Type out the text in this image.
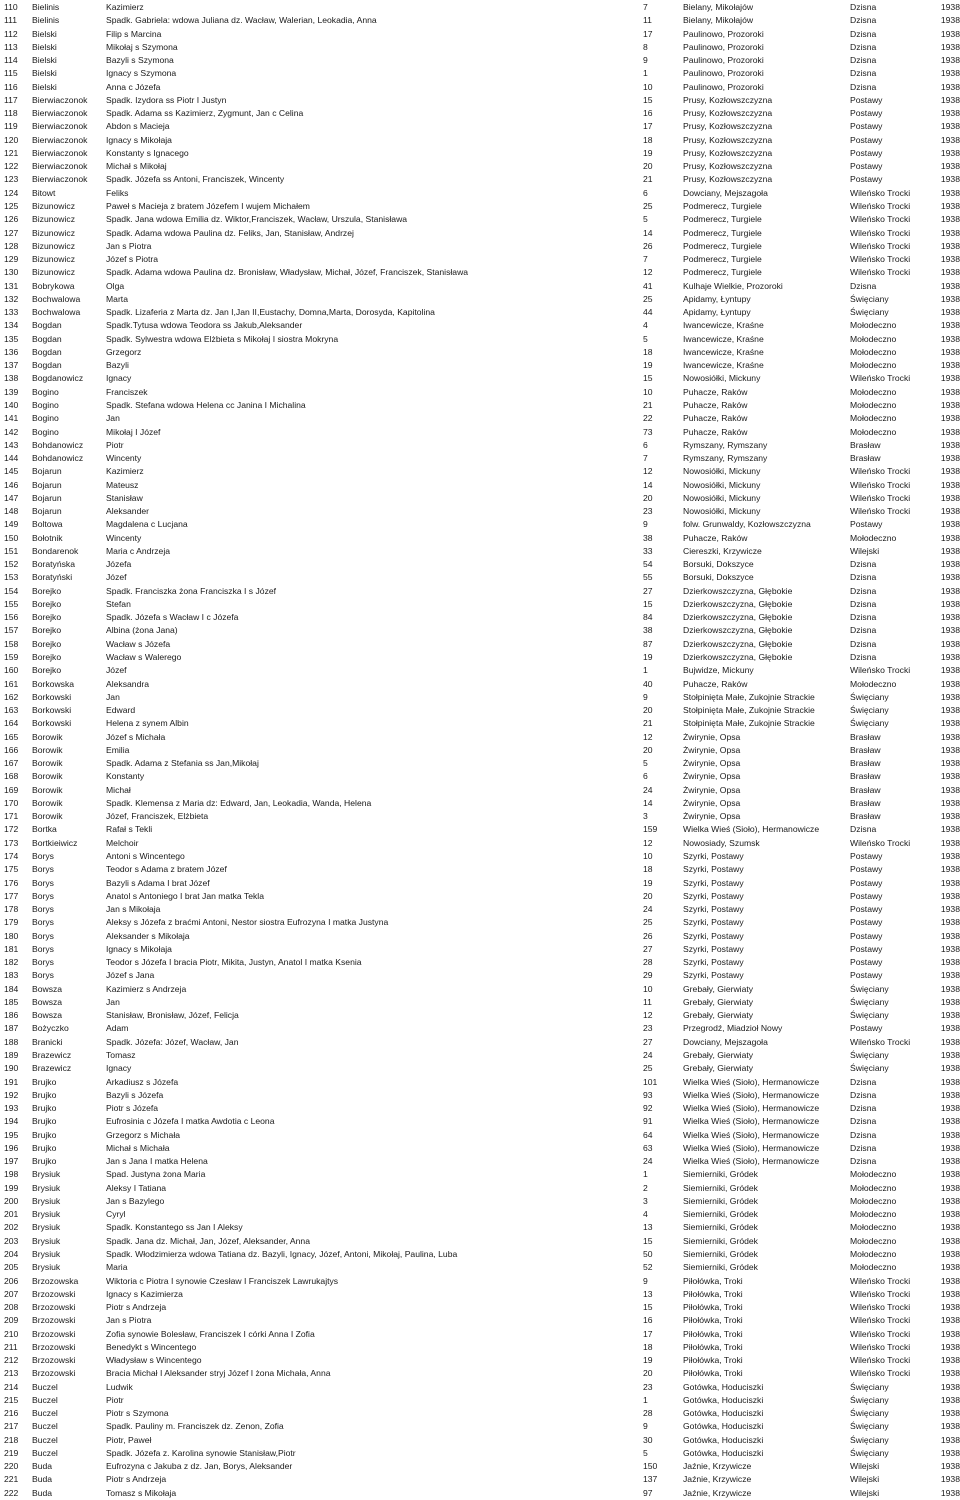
110	Bielinis	Kazimierz	7	Bielany, Mikołajów	Dzisna	1938
111	Bielinis	Spadk. Gabriela: wdowa Juliana dz. Wacław, Walerian, Leokadia, Anna	11	Bielany, Mikołajów	Dzisna	1938
112	Bielski	Filip s Marcina	17	Paulinowo, Prozoroki	Dzisna	1938
113	Bielski	Mikołaj s Szymona	8	Paulinowo, Prozoroki	Dzisna	1938
114	Bielski	Bazyli s Szymona	9	Paulinowo, Prozoroki	Dzisna	1938
115	Bielski	Ignacy s Szymona	1	Paulinowo, Prozoroki	Dzisna	1938
116	Bielski	Anna c Józefa	10	Paulinowo, Prozoroki	Dzisna	1938
117	Bierwiaczonok	Spadk. Izydora ss Piotr I Justyn	15	Prusy, Kozłowszczyzna	Postawy	1938
118	Bierwiaczonok	Spadk. Adama ss Kazimierz, Zygmunt, Jan c Celina	16	Prusy, Kozłowszczyzna	Postawy	1938
119	Bierwiaczonok	Abdon s Macieja	17	Prusy, Kozłowszczyzna	Postawy	1938
120	Bierwiaczonok	Ignacy s Mikołaja	18	Prusy, Kozłowszczyzna	Postawy	1938
121	Bierwiaczonok	Konstanty s Ignacego	19	Prusy, Kozłowszczyzna	Postawy	1938
122	Bierwiaczonok	Michał s Mikołaj	20	Prusy, Kozłowszczyzna	Postawy	1938
123	Bierwiaczonok	Spadk. Józefa ss Antoni, Franciszek, Wincenty	21	Prusy, Kozłowszczyzna	Postawy	1938
124	Bitowt	Feliks	6	Dowciany, Mejszagoła	Wileńsko Trocki	1938
125	Bizunowicz	Paweł s Macieja z bratem Józefem I wujem Michałem	25	Podmerecz, Turgiele	Wileńsko Trocki	1938
126	Bizunowicz	Spadk. Jana wdowa Emilia dz. Wiktor,Franciszek, Wacław, Urszula, Stanisława	5	Podmerecz, Turgiele	Wileńsko Trocki	1938
127	Bizunowicz	Spadk. Adama wdowa Paulina dz. Feliks, Jan, Stanisław, Andrzej	14	Podmerecz, Turgiele	Wileńsko Trocki	1938
128	Bizunowicz	Jan s Piotra	26	Podmerecz, Turgiele	Wileńsko Trocki	1938
129	Bizunowicz	Józef s Piotra	7	Podmerecz, Turgiele	Wileńsko Trocki	1938
130	Bizunowicz	Spadk. Adama wdowa Paulina dz. Bronisław, Władysław, Michał, Józef, Franciszek, Stanisława	12	Podmerecz, Turgiele	Wileńsko Trocki	1938
131	Bobrykowa	Olga	41	Kulhaje Wielkie, Prozoroki	Dzisna	1938
132	Bochwalowa	Marta	25	Apidamy, Łyntupy	Święciany	1938
133	Bochwalowa	Spadk. Lizaferia z Marta dz. Jan I,Jan II,Eustachy, Domna,Marta, Dorosyda, Kapitolina	44	Apidamy, Łyntupy	Święciany	1938
134	Bogdan	Spadk.Tytusa wdowa Teodora ss Jakub,Aleksander	4	Iwancewicze, Kraśne	Mołodeczno	1938
135	Bogdan	Spadk. Sylwestra wdowa Elżbieta s Mikołaj I siostra Mokryna	5	Iwancewicze, Kraśne	Mołodeczno	1938
136	Bogdan	Grzegorz	18	Iwancewicze, Kraśne	Mołodeczno	1938
137	Bogdan	Bazyli	19	Iwancewicze, Kraśne	Mołodeczno	1938
138	Bogdanowicz	Ignacy	15	Nowosiółki, Mickuny	Wileńsko Trocki	1938
139	Bogino	Franciszek	10	Puhacze, Raków	Mołodeczno	1938
140	Bogino	Spadk. Stefana wdowa Helena cc Janina I Michalina	21	Puhacze, Raków	Mołodeczno	1938
141	Bogino	Jan	22	Puhacze, Raków	Mołodeczno	1938
142	Bogino	Mikołaj I Józef	73	Puhacze, Raków	Mołodeczno	1938
143	Bohdanowicz	Piotr	6	Rymszany, Rymszany	Brasław	1938
144	Bohdanowicz	Wincenty	7	Rymszany, Rymszany	Brasław	1938
145	Bojarun	Kazimierz	12	Nowosiółki, Mickuny	Wileńsko Trocki	1938
146	Bojarun	Mateusz	14	Nowosiółki, Mickuny	Wileńsko Trocki	1938
147	Bojarun	Stanisław	20	Nowosiółki, Mickuny	Wileńsko Trocki	1938
148	Bojarun	Aleksander	23	Nowosiółki, Mickuny	Wileńsko Trocki	1938
149	Boltowa	Magdalena c Lucjana	9	folw. Grunwaldy, Kozłowszczyzna	Postawy	1938
150	Bołotnik	Wincenty	38	Puhacze, Raków	Mołodeczno	1938
151	Bondarenok	Maria c Andrzeja	33	Ciereszki, Krzywicze	Wilejski	1938
152	Boratyńska	Józefa	54	Borsuki, Dokszyce	Dzisna	1938
153	Boratyński	Józef	55	Borsuki, Dokszyce	Dzisna	1938
154	Borejko	Spadk. Franciszka żona Franciszka I s Józef	27	Dzierkowszczyzna, Głębokie	Dzisna	1938
155	Borejko	Stefan	15	Dzierkowszczyzna, Głębokie	Dzisna	1938
156	Borejko	Spadk. Józefa s Wacław I c Józefa	84	Dzierkowszczyzna, Głębokie	Dzisna	1938
157	Borejko	Albina (żona Jana)	38	Dzierkowszczyzna, Głębokie	Dzisna	1938
158	Borejko	Wacław s Józefa	87	Dzierkowszczyzna, Głębokie	Dzisna	1938
159	Borejko	Wacław s Walerego	19	Dzierkowszczyzna, Głębokie	Dzisna	1938
160	Borejko	Józef	1	Bujwidze, Mickuny	Wileńsko Trocki	1938
161	Borkowska	Aleksandra	40	Puhacze, Raków	Mołodeczno	1938
162	Borkowski	Jan	9	Stołpinięta Małe, Zukojnie Strackie	Święciany	1938
163	Borkowski	Edward	20	Stołpinięta Małe, Zukojnie Strackie	Święciany	1938
164	Borkowski	Helena z synem Albin	21	Stołpinięta Małe, Zukojnie Strackie	Święciany	1938
165	Borowik	Józef s Michała	12	Żwirynie, Opsa	Brasław	1938
166	Borowik	Emilia	20	Żwirynie, Opsa	Brasław	1938
167	Borowik	Spadk. Adama z Stefania ss Jan,Mikołaj	5	Żwirynie, Opsa	Brasław	1938
168	Borowik	Konstanty	6	Żwirynie, Opsa	Brasław	1938
169	Borowik	Michał	24	Żwirynie, Opsa	Brasław	1938
170	Borowik	Spadk. Klemensa z Maria dz: Edward, Jan, Leokadia, Wanda, Helena	14	Żwirynie, Opsa	Brasław	1938
171	Borowik	Józef, Franciszek, Elżbieta	3	Żwirynie, Opsa	Brasław	1938
172	Bortka	Rafał s Tekli	159	Wielka Wieś (Sioło), Hermanowicze	Dzisna	1938
173	Bortkieiwicz	Melchoir	12	Nowosiady, Szumsk	Wileńsko Trocki	1938
174	Borys	Antoni s Wincentego	10	Szyrki, Postawy	Postawy	1938
175	Borys	Teodor s Adama z bratem Józef	18	Szyrki, Postawy	Postawy	1938
176	Borys	Bazyli s Adama I brat Józef	19	Szyrki, Postawy	Postawy	1938
177	Borys	Anatol s Antoniego I brat Jan matka Tekla	20	Szyrki, Postawy	Postawy	1938
178	Borys	Jan s Mikołaja	24	Szyrki, Postawy	Postawy	1938
179	Borys	Aleksy s Józefa z braćmi Antoni, Nestor siostra Eufrozyna I matka Justyna	25	Szyrki, Postawy	Postawy	1938
180	Borys	Aleksander s Mikołaja	26	Szyrki, Postawy	Postawy	1938
181	Borys	Ignacy s Mikołaja	27	Szyrki, Postawy	Postawy	1938
182	Borys	Teodor s Józefa I bracia Piotr, Mikita, Justyn, Anatol I matka Ksenia	28	Szyrki, Postawy	Postawy	1938
183	Borys	Józef s Jana	29	Szyrki, Postawy	Postawy	1938
184	Bowsza	Kazimierz s Andrzeja	10	Grebały, Gierwiaty	Święciany	1938
185	Bowsza	Jan	11	Grebały, Gierwiaty	Święciany	1938
186	Bowsza	Stanisław, Bronisław, Józef, Felicja	12	Grebały, Gierwiaty	Święciany	1938
187	Bożyczko	Adam	23	Przegrodź, Miadzioł Nowy	Postawy	1938
188	Branicki	Spadk. Józefa: Józef, Wacław, Jan	27	Dowciany, Mejszagoła	Wileńsko Trocki	1938
189	Brazewicz	Tomasz	24	Grebały, Gierwiaty	Święciany	1938
190	Brazewicz	Ignacy	25	Grebały, Gierwiaty	Święciany	1938
191	Brujko	Arkadiusz s Józefa	101	Wielka Wieś (Sioło), Hermanowicze	Dzisna	1938
192	Brujko	Bazyli s Józefa	93	Wielka Wieś (Sioło), Hermanowicze	Dzisna	1938
193	Brujko	Piotr s Józefa	92	Wielka Wieś (Sioło), Hermanowicze	Dzisna	1938
194	Brujko	Eufrosinia c Józefa I matka Awdotia c Leona	91	Wielka Wieś (Sioło), Hermanowicze	Dzisna	1938
195	Brujko	Grzegorz s Michała	64	Wielka Wieś (Sioło), Hermanowicze	Dzisna	1938
196	Brujko	Michał s Michała	63	Wielka Wieś (Sioło), Hermanowicze	Dzisna	1938
197	Brujko	Jan s Jana I matka Helena	24	Wielka Wieś (Sioło), Hermanowicze	Dzisna	1938
198	Brysiuk	Spad. Justyna żona Maria	1	Siemierniki, Gródek	Mołodeczno	1938
199	Brysiuk	Aleksy I Tatiana	2	Siemierniki, Gródek	Mołodeczno	1938
200	Brysiuk	Jan s Bazylego	3	Siemierniki, Gródek	Mołodeczno	1938
201	Brysiuk	Cyryl	4	Siemierniki, Gródek	Mołodeczno	1938
202	Brysiuk	Spadk. Konstantego ss Jan I Aleksy	13	Siemierniki, Gródek	Mołodeczno	1938
203	Brysiuk	Spadk. Jana dz. Michał, Jan, Józef, Aleksander, Anna	15	Siemierniki, Gródek	Mołodeczno	1938
204	Brysiuk	Spadk. Włodzimierza wdowa Tatiana dz. Bazyli, Ignacy, Józef, Antoni, Mikołaj, Paulina, Luba	50	Siemierniki, Gródek	Mołodeczno	1938
205	Brysiuk	Maria	52	Siemierniki, Gródek	Mołodeczno	1938
206	Brzozowska	Wiktoria c Piotra I synowie Czesław I Franciszek Lawrukajtys	9	Piłołówka, Troki	Wileńsko Trocki	1938
207	Brzozowski	Ignacy s Kazimierza	13	Piłołówka, Troki	Wileńsko Trocki	1938
208	Brzozowski	Piotr s Andrzeja	15	Piłołówka, Troki	Wileńsko Trocki	1938
209	Brzozowski	Jan s Piotra	16	Piłołówka, Troki	Wileńsko Trocki	1938
210	Brzozowski	Zofia synowie Bolesław, Franciszek I córki Anna I Zofia	17	Piłołówka, Troki	Wileńsko Trocki	1938
211	Brzozowski	Benedykt s Wincentego	18	Piłołówka, Troki	Wileńsko Trocki	1938
212	Brzozowski	Władysław s Wincentego	19	Piłołówka, Troki	Wileńsko Trocki	1938
213	Brzozowski	Bracia Michał I Aleksander stryj Józef I żona Michała, Anna	20	Piłołówka, Troki	Wileńsko Trocki	1938
214	Buczel	Ludwik	23	Gotówka, Hoduciszki	Święciany	1938
215	Buczel	Piotr	1	Gotówka, Hoduciszki	Święciany	1938
216	Buczel	Piotr s Szymona	28	Gotówka, Hoduciszki	Święciany	1938
217	Buczel	Spadk. Pauliny m. Franciszek dz. Zenon, Zofia	9	Gotówka, Hoduciszki	Święciany	1938
218	Buczel	Piotr, Paweł	30	Gotówka, Hoduciszki	Święciany	1938
219	Buczel	Spadk. Józefa z. Karolina synowie Stanisław,Piotr	5	Gotówka, Hoduciszki	Święciany	1938
220	Buda	Eufrozyna c Jakuba z dz. Jan, Borys, Aleksander	150	Jaźnie, Krzywicze	Wilejski	1938
221	Buda	Piotr s Andrzeja	137	Jaźnie, Krzywicze	Wilejski	1938
222	Buda	Tomasz s Mikołaja	97	Jaźnie, Krzywicze	Wilejski	1938
